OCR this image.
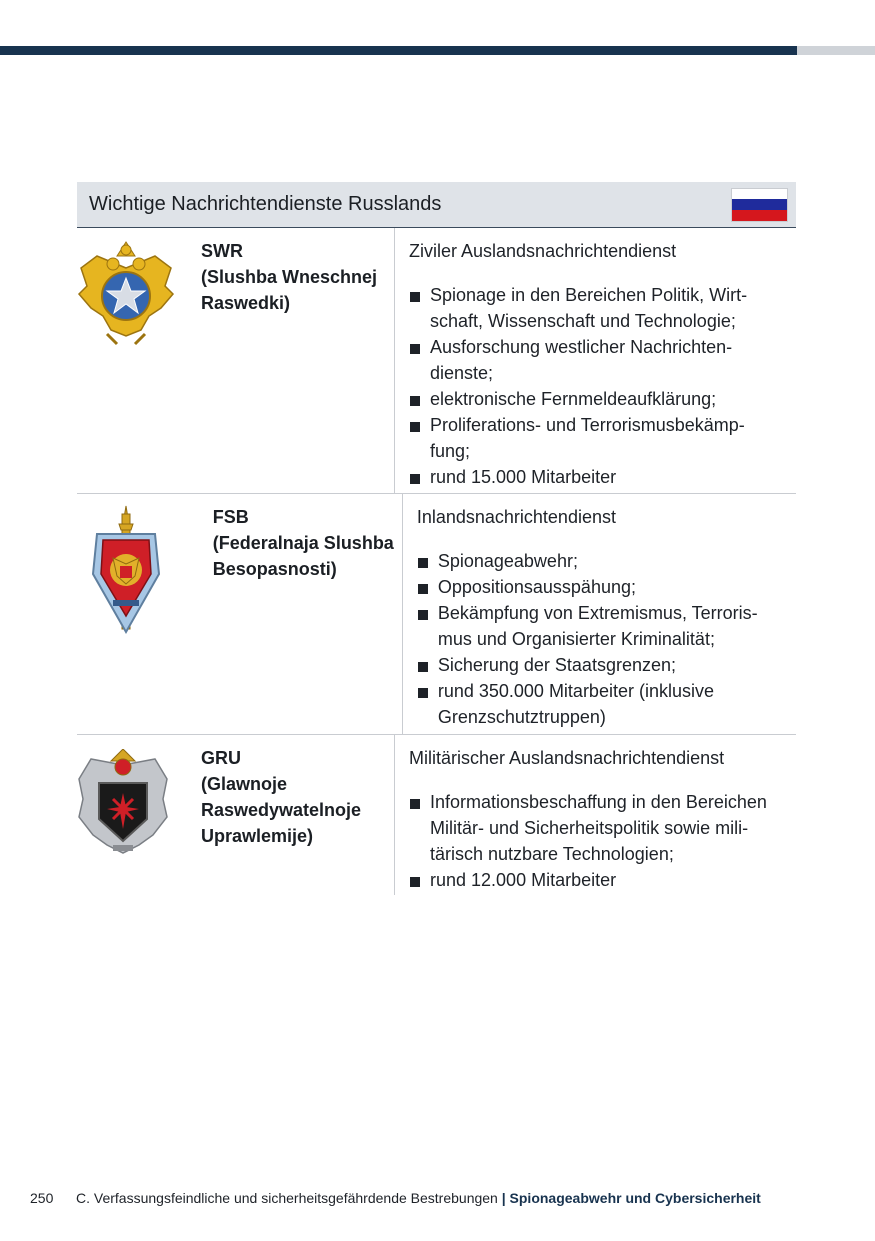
Wichtige Nachrichtendienste Russlands
SWR
(Slushba Wneschnej
Raswedki)
Ziviler Auslandsnachrichtendienst
Spionage in den Bereichen Politik, Wirt-
schaft, Wissenschaft und Technologie;
Ausforschung westlicher Nachrichten-
dienste;
elektronische Fernmeldeaufklärung;
Proliferations- und Terrorismusbekämp-
fung;
rund 15.000 Mitarbeiter
FSB
(Federalnaja Slushba
Besopasnosti)
Inlandsnachrichtendienst
Spionageabwehr;
Oppositionsausspähung;
Bekämpfung von Extremismus, Terroris-
mus und Organisierter Kriminalität;
Sicherung der Staatsgrenzen;
rund 350.000 Mitarbeiter (inklusive
Grenzschutztruppen)
GRU
(Glawnoje
Raswedywatelnoje
Uprawlemije)
Militärischer Auslandsnachrichtendienst
Informationsbeschaffung in den Bereichen
Militär- und Sicherheitspolitik sowie mili-
tärisch nutzbare Technologien;
rund 12.000 Mitarbeiter
250 C. Verfassungsfeindliche und sicherheitsgefährdende Bestrebungen | Spionageabwehr und Cybersicherheit
